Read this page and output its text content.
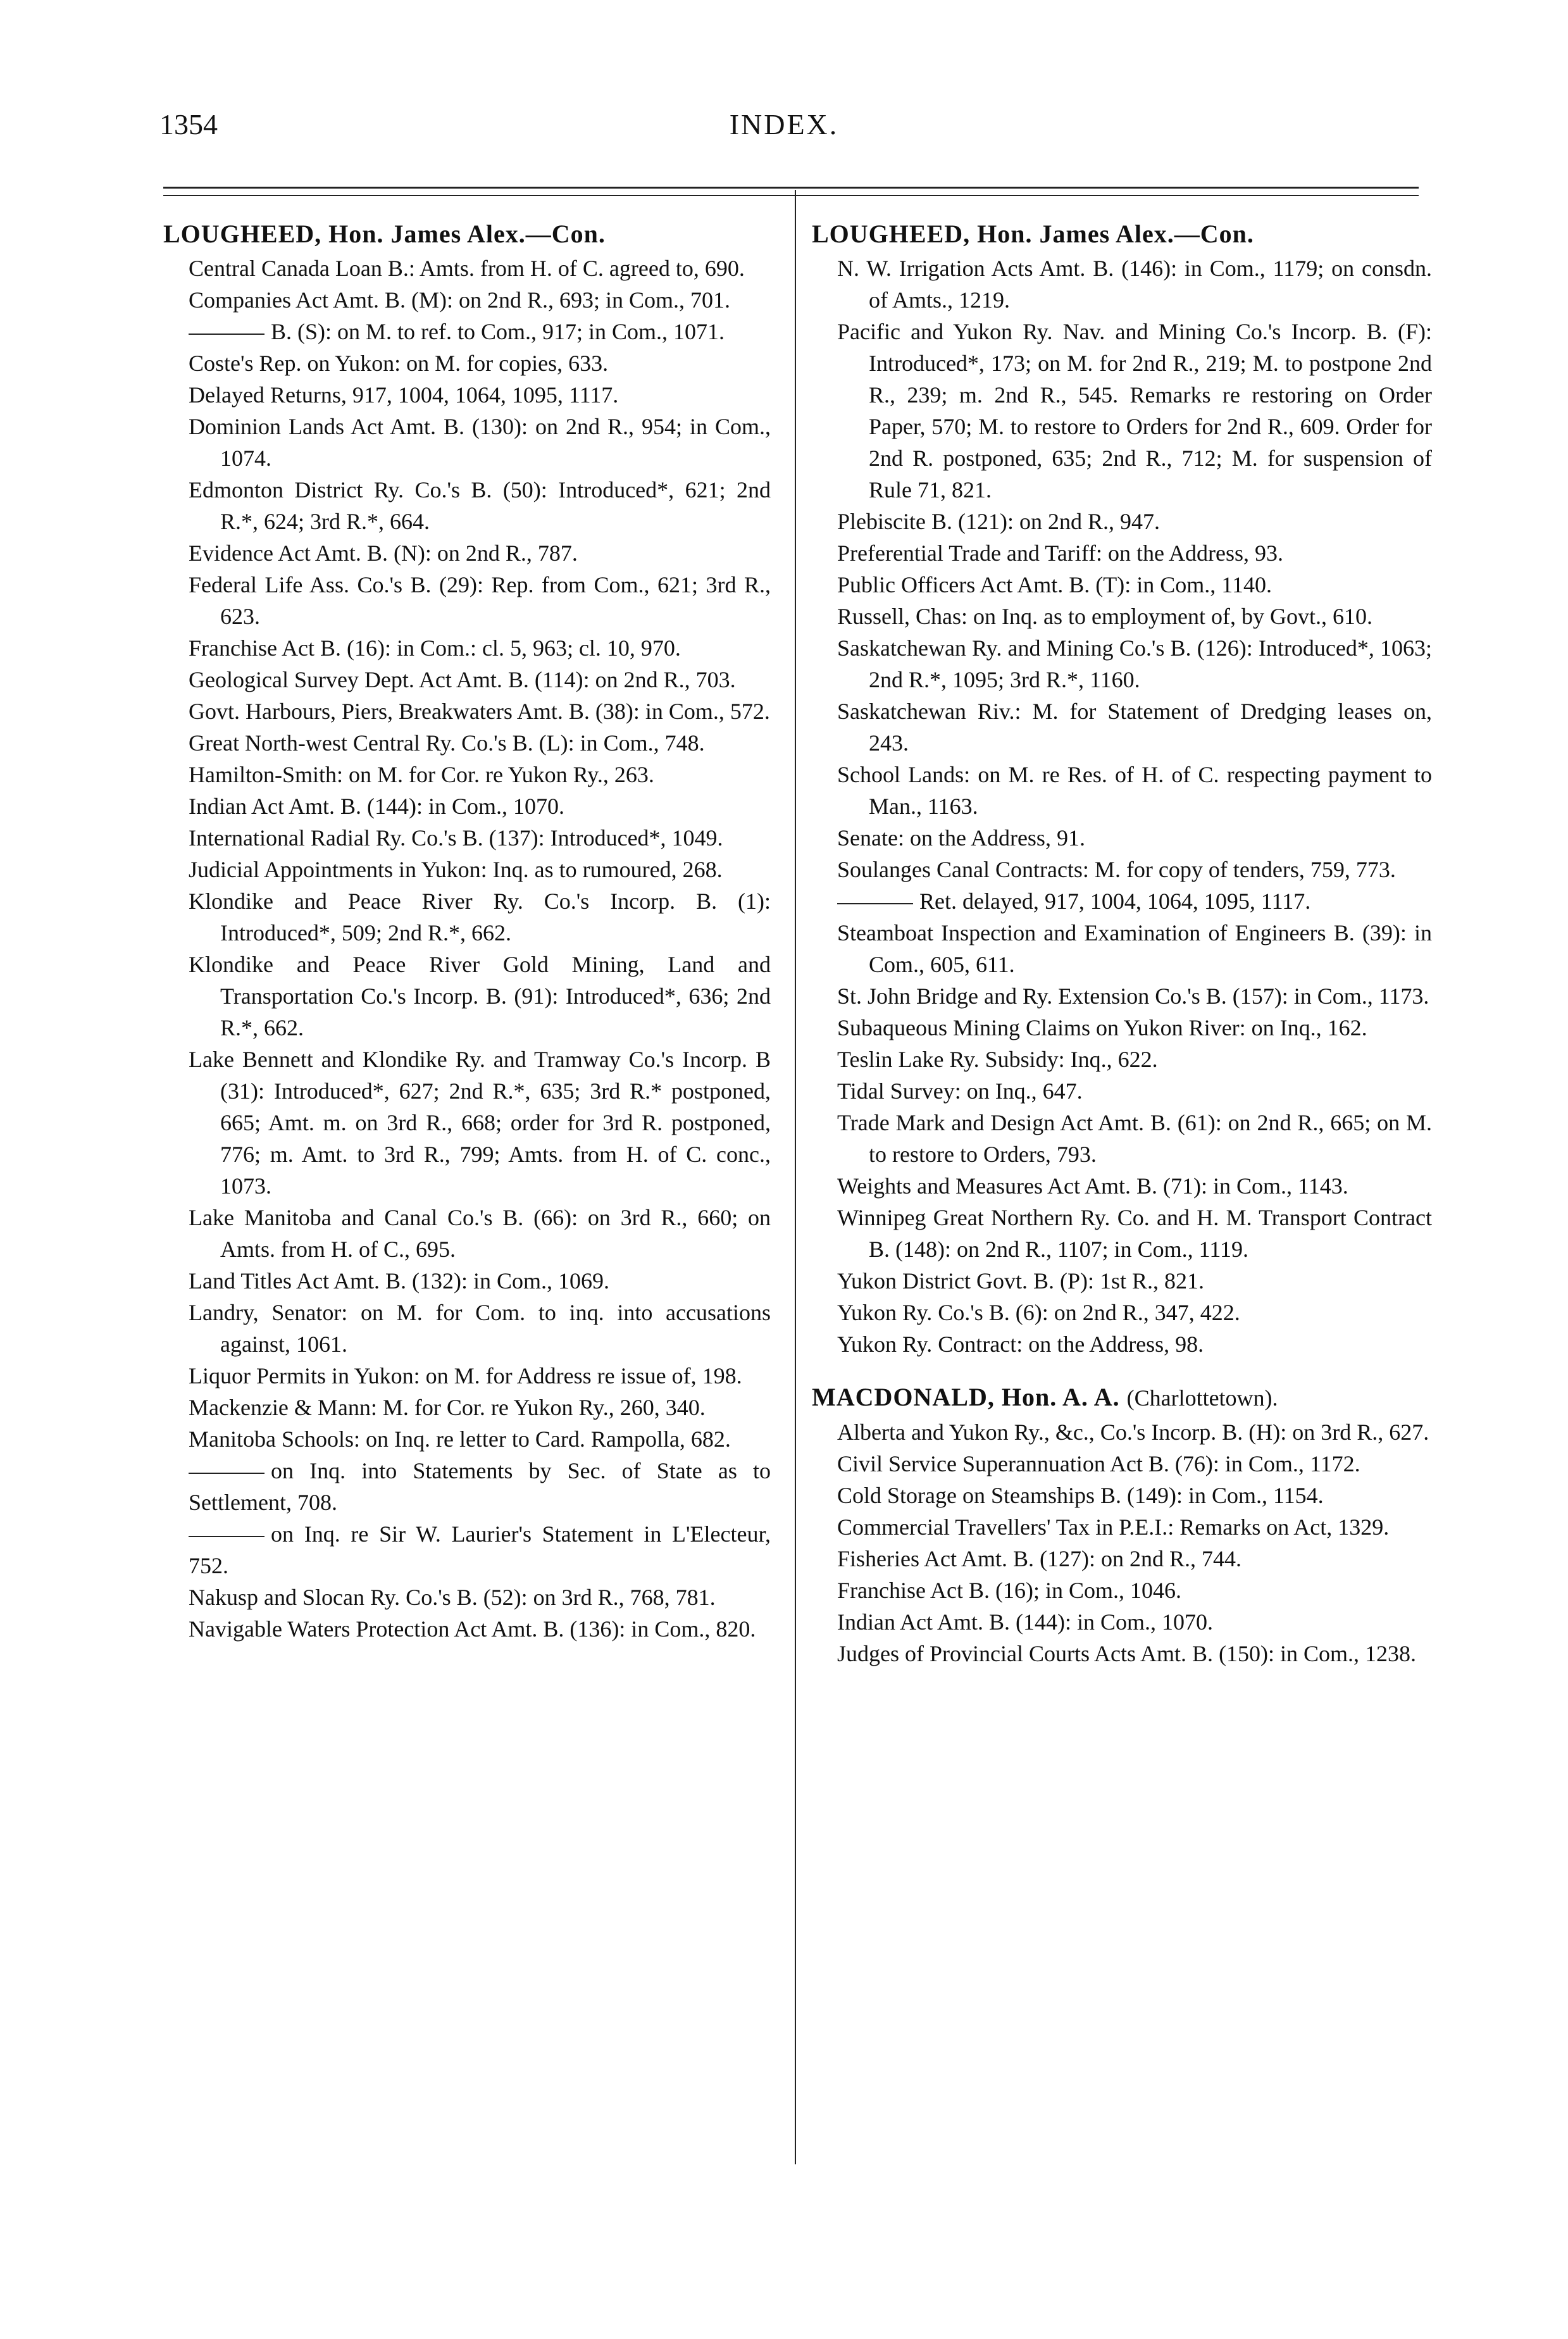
1354	INDEX.
LOUGHEED, Hon. James Alex.—Con.

Central Canada Loan B.: Amts. from H. of C. agreed to, 690.

Companies Act Amt. B. (M): on 2nd R., 693; in Com., 701.

B. (S): on M. to ref. to Com., 917; in Com., 1071.

Coste's Rep. on Yukon: on M. for copies, 633.

Delayed Returns, 917, 1004, 1064, 1095, 1117.

Dominion Lands Act Amt. B. (130): on 2nd R., 954; in Com., 1074.

Edmonton District Ry. Co.'s B. (50): Introduced*, 621; 2nd R.*, 624; 3rd R.*, 664.

Evidence Act Amt. B. (N): on 2nd R., 787.

Federal Life Ass. Co.'s B. (29): Rep. from Com., 621; 3rd R., 623.

Franchise Act B. (16): in Com.: cl. 5, 963; cl. 10, 970.

Geological Survey Dept. Act Amt. B. (114): on 2nd R., 703.

Govt. Harbours, Piers, Breakwaters Amt. B. (38): in Com., 572.

Great North-west Central Ry. Co.'s B. (L): in Com., 748.

Hamilton-Smith: on M. for Cor. re Yukon Ry., 263.

Indian Act Amt. B. (144): in Com., 1070.

International Radial Ry. Co.'s B. (137): Introduced*, 1049.

Judicial Appointments in Yukon: Inq. as to rumoured, 268.

Klondike and Peace River Ry. Co.'s Incorp. B. (1): Introduced*, 509; 2nd R.*, 662.

Klondike and Peace River Gold Mining, Land and Transportation Co.'s Incorp. B. (91): Introduced*, 636; 2nd R.*, 662.

Lake Bennett and Klondike Ry. and Tramway Co.'s Incorp. B (31): Introduced*, 627; 2nd R.*, 635; 3rd R.* postponed, 665; Amt. m. on 3rd R., 668; order for 3rd R. postponed, 776; m. Amt. to 3rd R., 799; Amts. from H. of C. conc., 1073.

Lake Manitoba and Canal Co.'s B. (66): on 3rd R., 660; on Amts. from H. of C., 695.

Land Titles Act Amt. B. (132): in Com., 1069.

Landry, Senator: on M. for Com. to inq. into accusations against, 1061.

Liquor Permits in Yukon: on M. for Address re issue of, 198.

Mackenzie & Mann: M. for Cor. re Yukon Ry., 260, 340.

Manitoba Schools: on Inq. re letter to Card. Rampolla, 682.

on Inq. into Statements by Sec. of State as to Settlement, 708.

on Inq. re Sir W. Laurier's Statement in L'Electeur, 752.

Nakusp and Slocan Ry. Co.'s B. (52): on 3rd R., 768, 781.

Navigable Waters Protection Act Amt. B. (136): in Com., 820.

LOUGHEED, Hon. James Alex.—Con.

N. W. Irrigation Acts Amt. B. (146): in Com., 1179; on consdn. of Amts., 1219.

Pacific and Yukon Ry. Nav. and Mining Co.'s Incorp. B. (F): Introduced*, 173; on M. for 2nd R., 219; M. to postpone 2nd R., 239; m. 2nd R., 545. Remarks re restoring on Order Paper, 570; M. to restore to Orders for 2nd R., 609. Order for 2nd R. postponed, 635; 2nd R., 712; M. for suspension of Rule 71, 821.

Plebiscite B. (121): on 2nd R., 947.

Preferential Trade and Tariff: on the Address, 93.

Public Officers Act Amt. B. (T): in Com., 1140.

Russell, Chas: on Inq. as to employment of, by Govt., 610.

Saskatchewan Ry. and Mining Co.'s B. (126): Introduced*, 1063; 2nd R.*, 1095; 3rd R.*, 1160.

Saskatchewan Riv.: M. for Statement of Dredging leases on, 243.

School Lands: on M. re Res. of H. of C. respecting payment to Man., 1163.

Senate: on the Address, 91.

Soulanges Canal Contracts: M. for copy of tenders, 759, 773.

Ret. delayed, 917, 1004, 1064, 1095, 1117.

Steamboat Inspection and Examination of Engineers B. (39): in Com., 605, 611.

St. John Bridge and Ry. Extension Co.'s B. (157): in Com., 1173.

Subaqueous Mining Claims on Yukon River: on Inq., 162.

Teslin Lake Ry. Subsidy: Inq., 622.

Tidal Survey: on Inq., 647.

Trade Mark and Design Act Amt. B. (61): on 2nd R., 665; on M. to restore to Orders, 793.

Weights and Measures Act Amt. B. (71): in Com., 1143.

Winnipeg Great Northern Ry. Co. and H. M. Transport Contract B. (148): on 2nd R., 1107; in Com., 1119.

Yukon District Govt. B. (P): 1st R., 821.

Yukon Ry. Co.'s B. (6): on 2nd R., 347, 422.

Yukon Ry. Contract: on the Address, 98.

MACDONALD, Hon. A. A. (Charlottetown).

Alberta and Yukon Ry., &c., Co.'s Incorp. B. (H): on 3rd R., 627.

Civil Service Superannuation Act B. (76): in Com., 1172.

Cold Storage on Steamships B. (149): in Com., 1154.

Commercial Travellers' Tax in P.E.I.: Remarks on Act, 1329.

Fisheries Act Amt. B. (127): on 2nd R., 744.

Franchise Act B. (16); in Com., 1046.

Indian Act Amt. B. (144): in Com., 1070.

Judges of Provincial Courts Acts Amt. B. (150): in Com., 1238.
